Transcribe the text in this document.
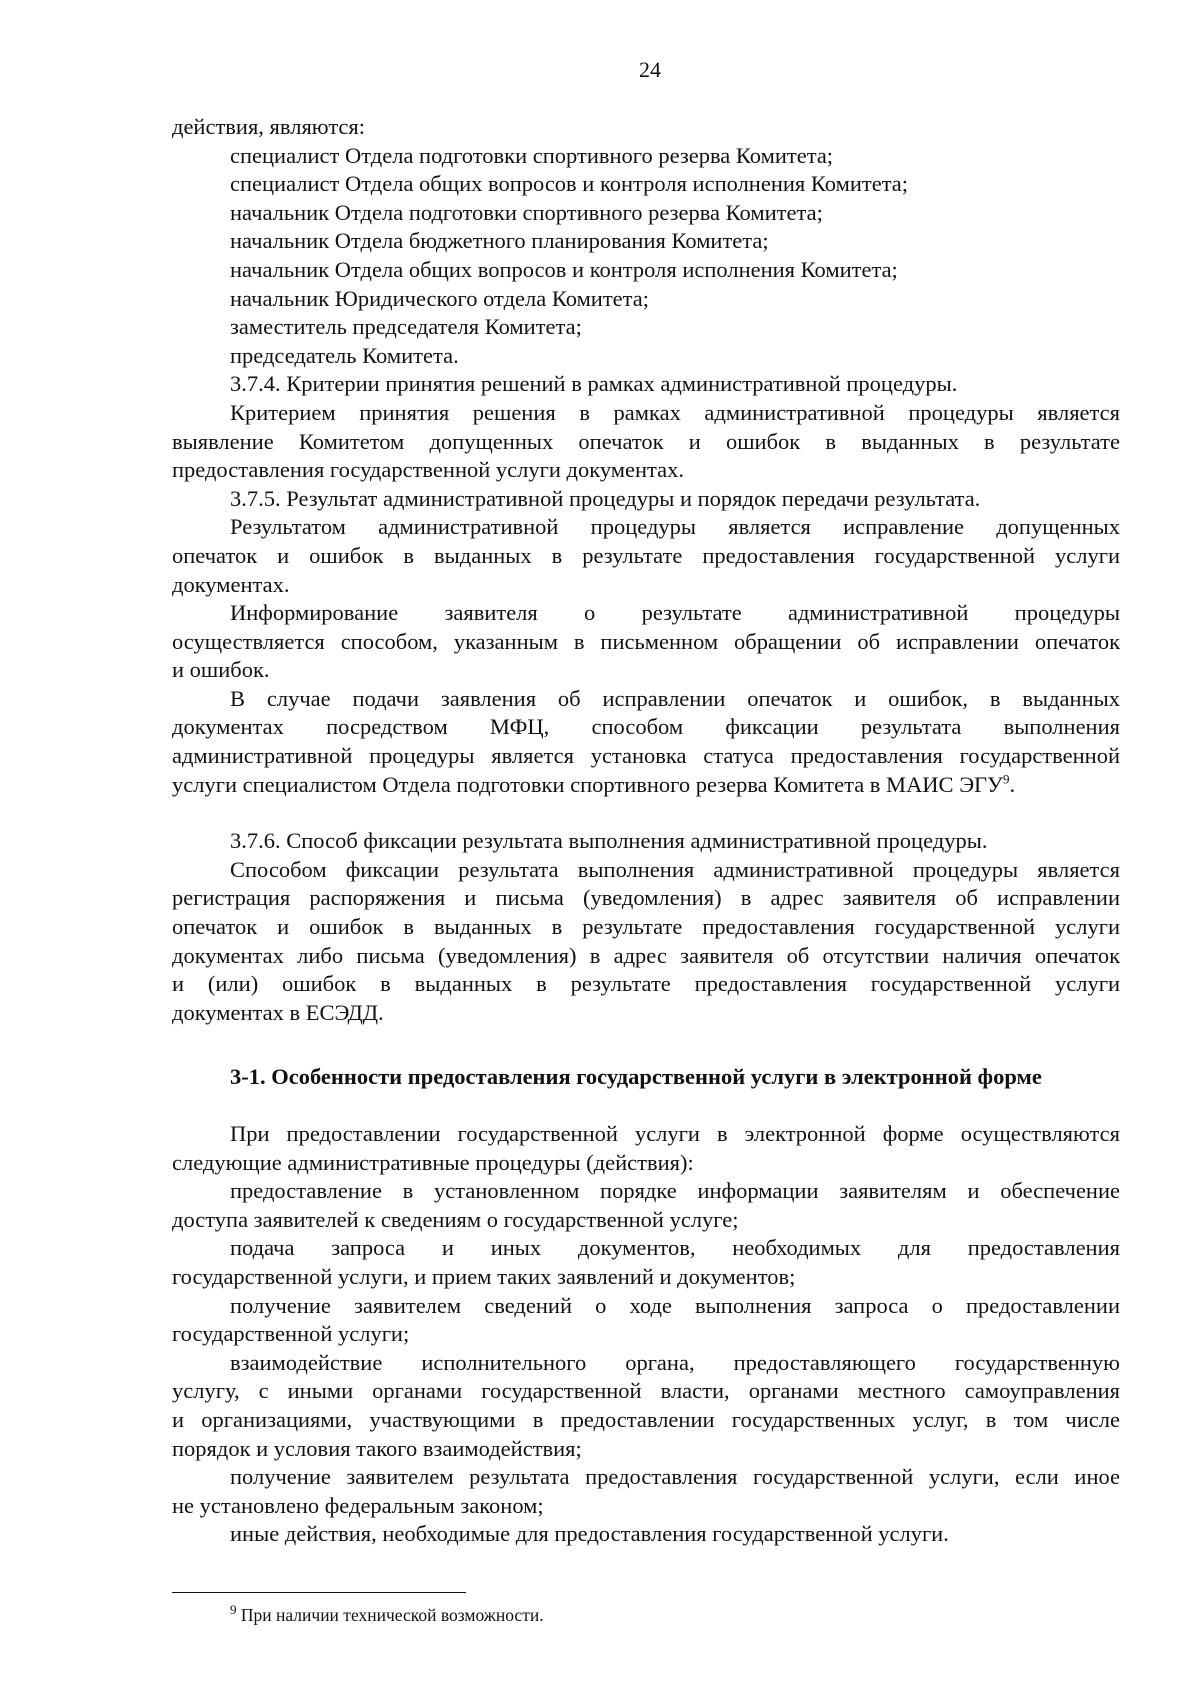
24

действия, являются:

специалист Отдела подготовки спортивного резерва Комитета;

специалист Отдела общих вопросов и контроля исполнения Комитета;

начальник Отдела подготовки спортивного резерва Комитета;

начальник Отдела бюджетного планирования Комитета;

начальник Отдела общих вопросов и контроля исполнения Комитета;

начальник Юридического отдела Комитета;

заместитель председателя Комитета;

председатель Комитета.

3.7.4. Критерии принятия решений в рамках административной процедуры.

Критерием принятия решения в рамках административной процедуры является
выявление Комитетом допущенных опечаток и ошибок в выданных в результате
предоставления государственной услуги документах.

3.7.5. Результат административной процедуры и порядок передачи результата.

Результатом административной процедуры является исправление допущенных
опечаток и ошибок в выданных в результате предоставления государственной услуги
документах.
Информирование заявителя о результате административной процедуры
осуществляется способом, указанным в письменном обращении об исправлении опечаток
и ошибок.
В случае подачи заявления об исправлении опечаток и ошибок, в выданных
документах посредством МФЦ, способом фиксации результата выполнения
административной процедуры является установка статуса предоставления государственной
услуги специалистом Отдела подготовки спортивного резерва Комитета в МАИС ЭГУ$^9$.

3.7.6. Способ фиксации результата выполнения административной процедуры.

Способом фиксации результата выполнения административной процедуры является
регистрация распоряжения и письма (уведомления) в адрес заявителя об исправлении
опечаток и ошибок в выданных в результате предоставления государственной услуги
документах либо письма (уведомления) в адрес заявителя об отсутствии наличия опечаток
и (или) ошибок в выданных в результате предоставления государственной услуги
документах в ЕСЭДД.
3-1. Особенности предоставления государственной услуги в электронной форме
При предоставлении государственной услуги в электронной форме осуществляются
следующие административные процедуры (действия):
предоставление в установленном порядке информации заявителям и обеспечение
доступа заявителей к сведениям о государственной услуге;
подача запроса и иных документов, необходимых для предоставления
государственной услуги, и прием таких заявлений и документов;
получение заявителем сведений о ходе выполнения запроса о предоставлении
государственной услуги;
взаимодействие исполнительного органа, предоставляющего государственную
услугу, с иными органами государственной власти, органами местного самоуправления
и организациями, участвующими в предоставлении государственных услуг, в том числе
порядок и условия такого взаимодействия;
получение заявителем результата предоставления государственной услуги, если иное
не установлено федеральным законом;

иные действия, необходимые для предоставления государственной услуги.

$^9$ При наличии технической возможности.
